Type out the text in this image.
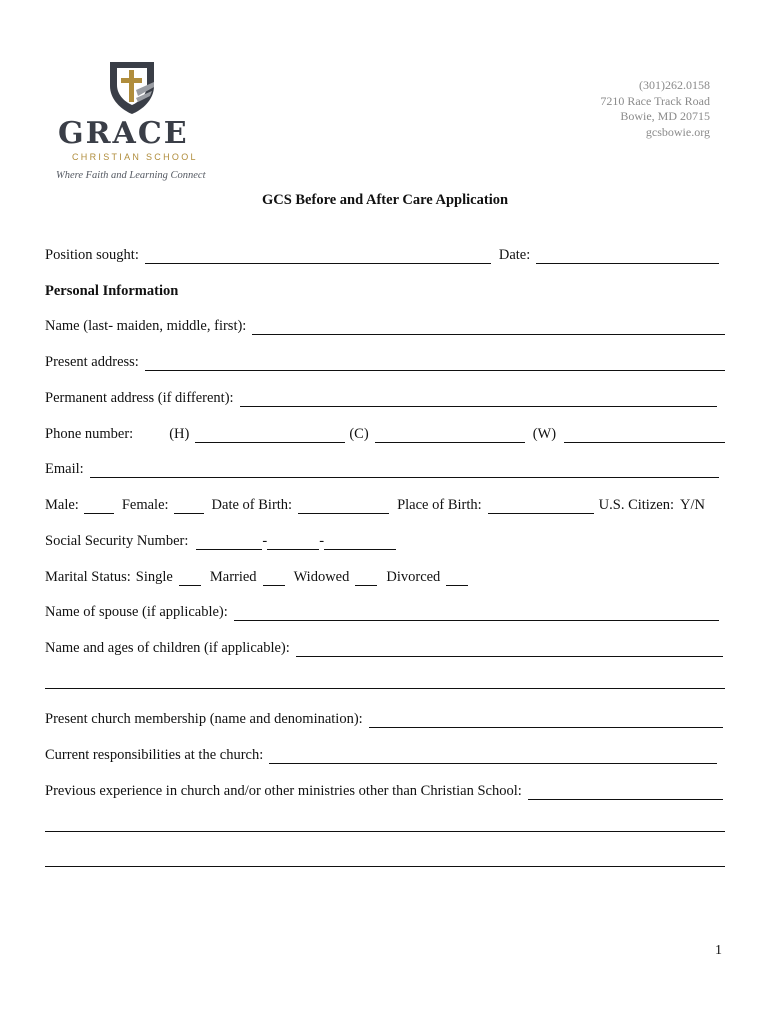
GRACE
CHRISTIAN SCHOOL
Where Faith and Learning Connect
(301)262.0158
7210 Race Track Road
Bowie, MD 20715
gcsbowie.org
GCS Before and After Care Application
Position sought:	Date:
Personal Information
Name (last- maiden, middle, first):
Present address:
Permanent address (if different):
Phone number: (H)	(C)	(W)
Email:
Male:	Female:	Date of Birth:	Place of Birth:	U.S. Citizen: Y/N
Social Security Number:	-	-
Marital Status: Single	Married	Widowed	Divorced
Name of spouse (if applicable):
Name and ages of children (if applicable):
Present church membership (name and denomination):
Current responsibilities at the church:
Previous experience in church and/or other ministries other than Christian School:
1
